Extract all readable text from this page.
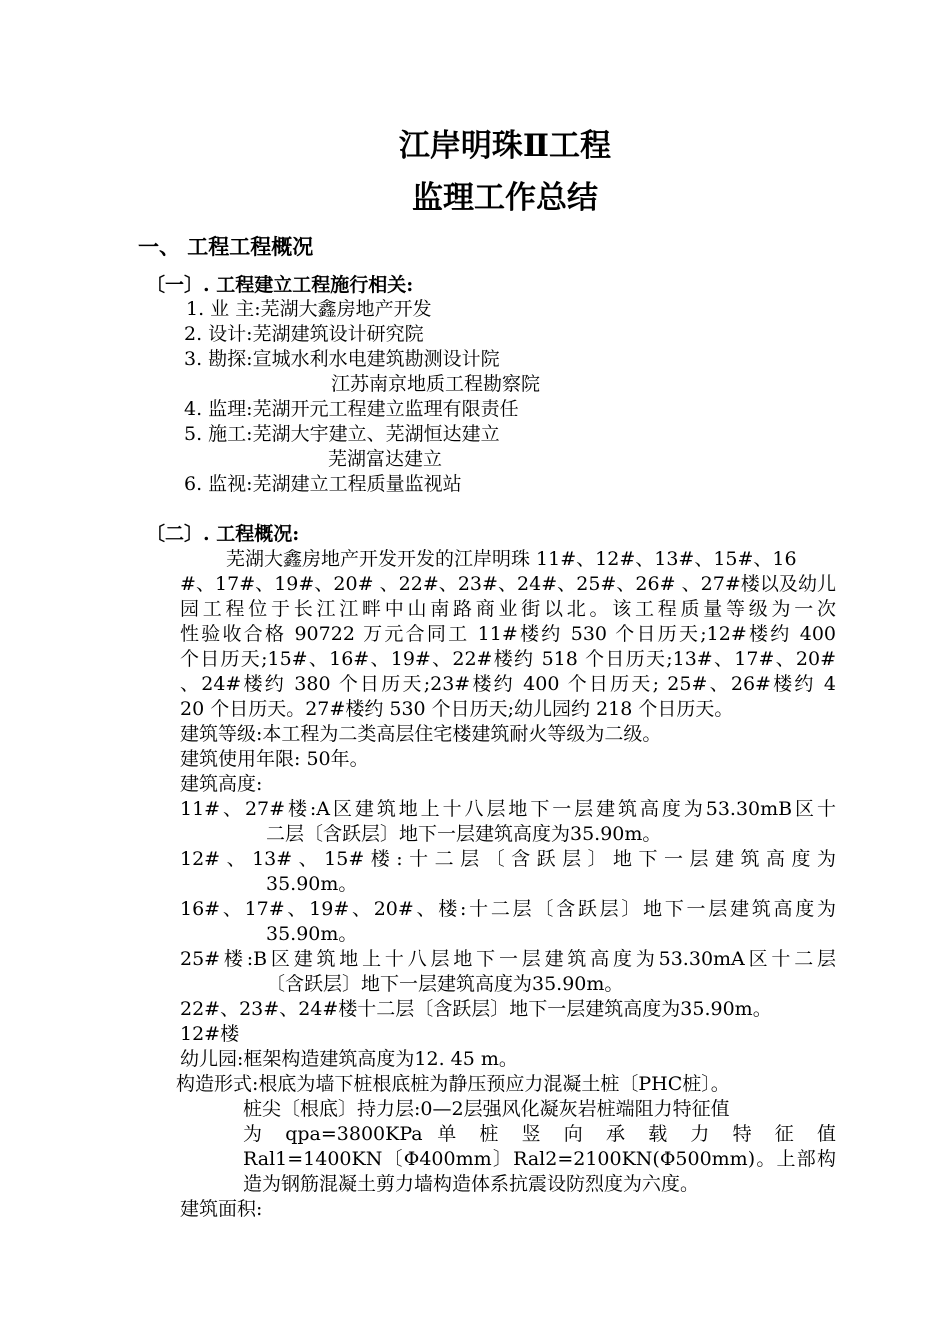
江岸明珠Ⅱ工程
监理工作总结
一、 工程工程概况
〔一〕. 工程建立工程施行相关:
1. 业 主:芜湖大鑫房地产开发
2. 设计:芜湖建筑设计研究院
3. 勘探:宣城水利水电建筑勘测设计院
江苏南京地质工程勘察院
4. 监理:芜湖开元工程建立监理有限责任
5. 施工:芜湖大宇建立、芜湖恒达建立
芜湖富达建立
6. 监视:芜湖建立工程质量监视站
〔二〕. 工程概况:
芜湖大鑫房地产开发开发的江岸明珠 11#、12#、13#、15#、16
#、17#、19#、20# 、22#、23#、24#、25#、26# 、27#楼以及幼儿
园工程位于长江江畔中山南路商业街以北。该工程质量等级为一次
性验收合格 90722 万元合同工 11#楼约 530 个日历天;12#楼约 400
个日历天;15#、16#、19#、22#楼约 518 个日历天;13#、17#、20#
、24#楼约 380 个日历天;23#楼约 400 个日历天; 25#、26#楼约 4
20 个日历天。27#楼约 530 个日历天;幼儿园约 218 个日历天。
建筑等级:本工程为二类高层住宅楼建筑耐火等级为二级。
建筑使用年限: 50年。
建筑高度:
11#、27#楼:A区建筑地上十八层地下一层建筑高度为53.30mB区十
二层〔含跃层〕地下一层建筑高度为35.90m。
12#、13#、15#楼:十二层〔含跃层〕地下一层建筑高度为
35.90m。
16#、17#、19#、20#、楼:十二层〔含跃层〕地下一层建筑高度为
35.90m。
25#楼:B区建筑地上十八层地下一层建筑高度为53.30mA区十二层
〔含跃层〕地下一层建筑高度为35.90m。
22#、23#、24#楼十二层〔含跃层〕地下一层建筑高度为35.90m。
12#楼
幼儿园:框架构造建筑高度为12. 45 m。
构造形式:根底为墙下桩根底桩为静压预应力混凝土桩〔PHC桩〕。
桩尖〔根底〕持力层:0—2层强风化凝灰岩桩端阻力特征值
为 qpa=3800KPa 单 桩 竖 向 承 载 力 特 征 值
Ral1=1400KN〔Φ400mm〕Ral2=2100KN(Φ500mm)。上部构
造为钢筋混凝土剪力墙构造体系抗震设防烈度为六度。
建筑面积:
